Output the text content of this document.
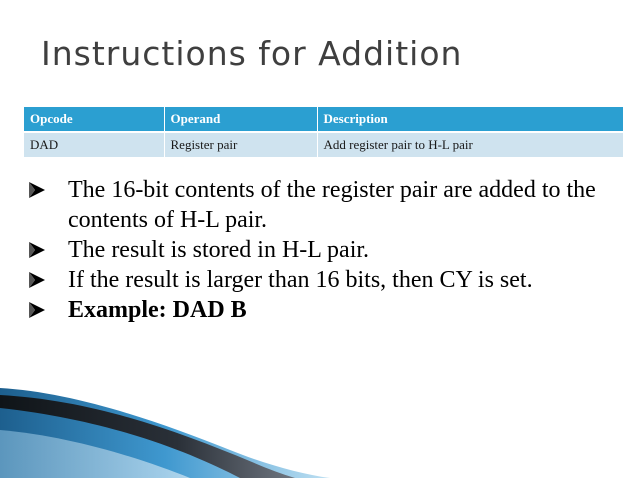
Instructions for Addition
Opcode	Operand	Description
DAD	Register pair	Add register pair to H-L pair
The 16-bit contents of the register pair are added to the contents of H-L pair.
The result is stored in H-L pair.
If the result is larger than 16 bits, then CY is set.
Example: DAD B
